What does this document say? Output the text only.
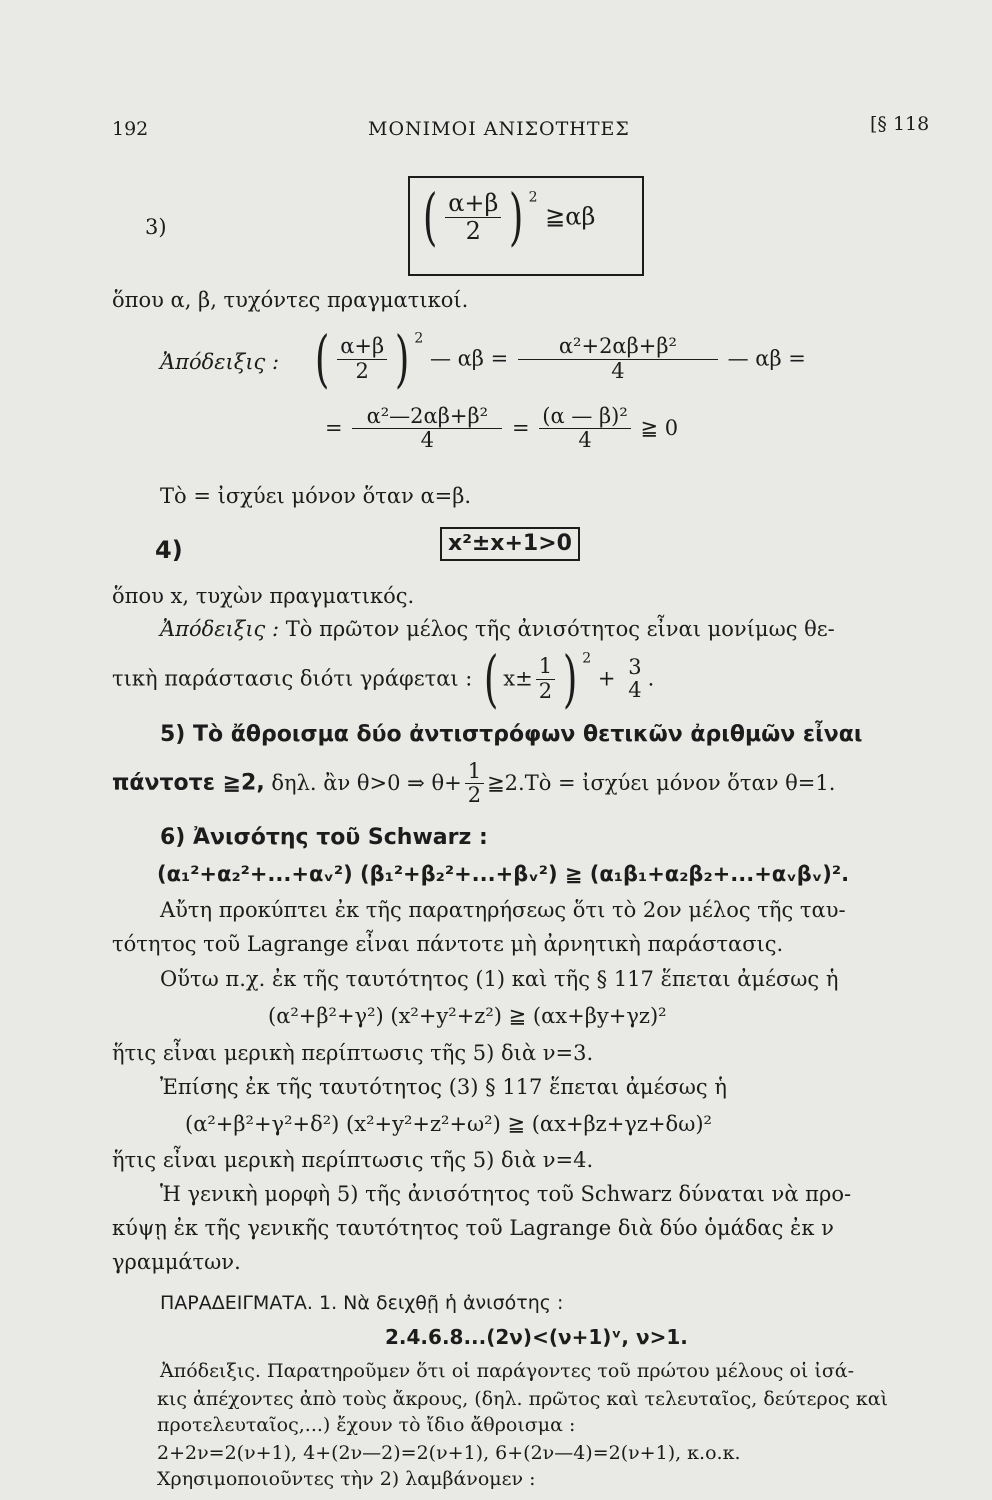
192	ΜΟΝΙΜΟΙ ΑΝΙΣΟΤΗΤΕΣ	[§ 118
3)	( $\frac{\alpha+\beta}{2}$ ) $^2$ ≧αβ
ὅπου α, β, τυχόντες πραγματικοί.
Ἀπόδειξις : ( $\frac{\alpha+\beta}{2}$ ) $^2$ — $\alpha\beta = \frac{\text{α²+2αβ+β²}}{4}$ — αβ =
= $\frac{\text{α²—2αβ+β²}}{4} = \frac{\text{(α — β)²}}{4}$ ≧ 0
Τὸ = ἰσχύει μόνον ὅταν α=β.
4)	x²±x+1>0
ὅπου x, τυχὼν πραγματικός.
Ἀπόδειξις : Τὸ πρῶτον μέλος τῆς ἀνισότητος εἶναι μονίμως θε-
τικὴ παράστασις διότι γράφεται : ( $x\pm \frac{1}{2}$ ) $^2$ + 3
4 .
5) Τὸ ἄθροισμα δύο ἀντιστρόφων θετικῶν ἀριθμῶν εἶναι
πάντοτε ≧2, δηλ. ἂν θ>0 ⇒ $\theta+ \frac{1}{2}$ ≧2.Τὸ = ἰσχύει μόνον ὅταν θ=1.
6) Ἀνισότης τοῦ Schwarz :
(α₁²+α₂²+...+αᵥ²) (β₁²+β₂²+...+βᵥ²) ≧ (α₁β₁+α₂β₂+...+αᵥβᵥ)².
Αὔτη προκύπτει ἐκ τῆς παρατηρήσεως ὅτι τὸ 2ον μέλος τῆς ταυ-
τότητος τοῦ Lagrange εἶναι πάντοτε μὴ ἀρνητικὴ παράστασις.
Οὕτω π.χ. ἐκ τῆς ταυτότητος (1) καὶ τῆς § 117 ἕπεται ἀμέσως ἡ
(α²+β²+γ²) (x²+y²+z²) ≧ (αx+βy+γz)²
ἥτις εἶναι μερικὴ περίπτωσις τῆς 5) διὰ ν=3.
Ἐπίσης ἐκ τῆς ταυτότητος (3) § 117 ἕπεται ἀμέσως ἡ
(α²+β²+γ²+δ²) (x²+y²+z²+ω²) ≧ (αx+βz+γz+δω)²
ἥτις εἶναι μερικὴ περίπτωσις τῆς 5) διὰ ν=4.
Ἡ γενικὴ μορφὴ 5) τῆς ἀνισότητος τοῦ Schwarz δύναται νὰ προ-
κύψῃ ἐκ τῆς γενικῆς ταυτότητος τοῦ Lagrange διὰ δύο ὁμάδας ἐκ ν
γραμμάτων.
ΠΑΡΑΔΕΙΓΜΑΤΑ. 1. Νὰ δειχθῇ ἡ ἀνισότης :
2.4.6.8...(2ν)<(ν+1)ᵛ, ν>1.
Ἀπόδειξις. Παρατηροῦμεν ὅτι οἱ παράγοντες τοῦ πρώτου μέλους οἱ ἰσά-
κις ἀπέχοντες ἀπὸ τοὺς ἄκρους, (δηλ. πρῶτος καὶ τελευταῖος, δεύτερος καὶ
προτελευταῖος,...) ἔχουν τὸ ἴδιο ἄθροισμα :
2+2ν=2(ν+1), 4+(2ν—2)=2(ν+1), 6+(2ν—4)=2(ν+1), κ.ο.κ.
Χρησιμοποιοῦντες τὴν 2) λαμβάνομεν :
